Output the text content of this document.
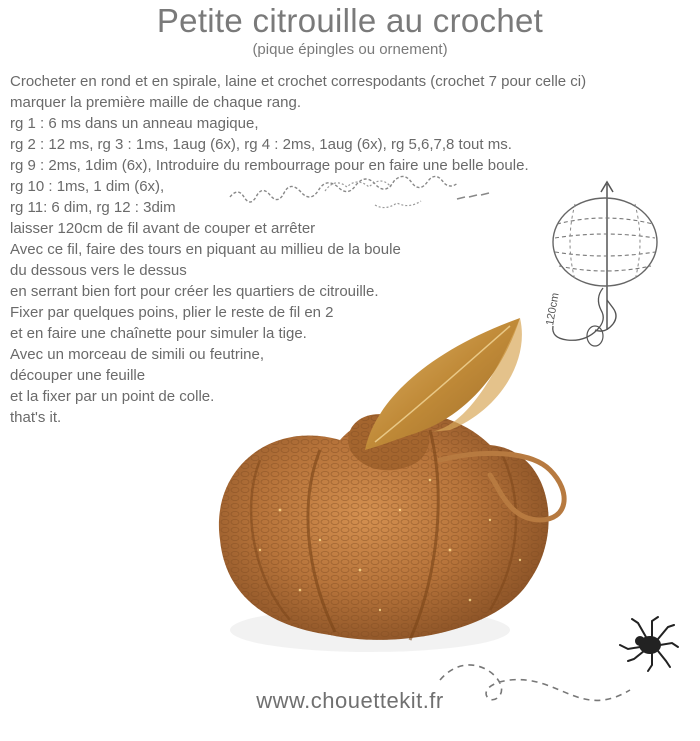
Petite citrouille au crochet
(pique épingles ou ornement)

Crocheter en rond et en spirale, laine et crochet correspodants (crochet 7 pour celle ci)

marquer la première maille de chaque rang.

rg 1 : 6 ms dans un anneau magique,

rg 2 : 12 ms, rg 3 : 1ms, 1aug (6x), rg 4 : 2ms, 1aug (6x), rg 5,6,7,8 tout ms.

rg 9 : 2ms, 1dim (6x), Introduire du rembourrage pour en faire une belle boule.

rg 10 : 1ms, 1 dim (6x),

rg 11: 6 dim, rg 12 : 3dim

laisser 120cm de fil avant de couper et arrêter

Avec ce fil, faire des tours en piquant au millieu de la boule

du dessous vers le dessus

en serrant bien fort pour créer les quartiers de citrouille.

Fixer par quelques poins, plier le reste de fil en 2

et en faire une chaînette pour simuler la tige.

Avec un morceau de simili ou feutrine,

découper une feuille

et la fixer par un point de colle.

that's it.

120cm
www.chouettekit.fr
